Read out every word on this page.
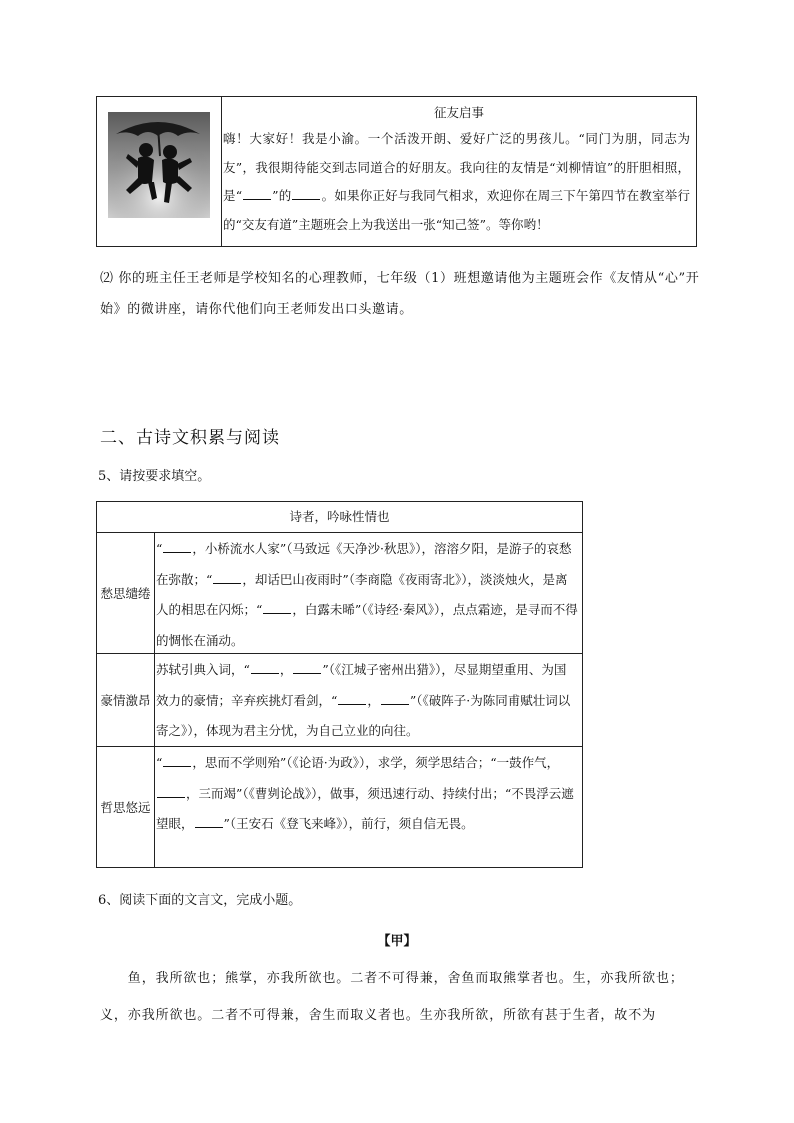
征友启事
嗨！大家好！我是小渝。一个活泼开朗、爱好广泛的男孩儿。“同门为朋，同志为友”，我很期待能交到志同道合的好朋友。我向往的友情是“刘柳情谊”的肝胆相照，是“ ”的 。如果你正好与我同气相求，欢迎你在周三下午第四节在教室举行的“交友有道”主题班会上为我送出一张“知己签”。等你哟！
⑵ 你的班主任王老师是学校知名的心理教师，七年级（1）班想邀请他为主题班会作《友情从“心”开始》的微讲座，请你代他们向王老师发出口头邀请。
二、古诗文积累与阅读
5、请按要求填空。
诗者，吟咏性情也
愁思缱绻
“ ，小桥流水人家”（马致远《天净沙·秋思》），溶溶夕阳，是游子的哀愁在弥散；“ ，却话巴山夜雨时”（李商隐《夜雨寄北》），淡淡烛火，是离人的相思在闪烁；“ ，白露未晞”（《诗经·秦风》），点点霜迹，是寻而不得的惆怅在涌动。
豪情激昂
苏轼引典入词，“ ， ”（《江城子密州出猎》），尽显期望重用、为国效力的豪情；辛弃疾挑灯看剑，“ ， ”（《破阵子·为陈同甫赋壮词以寄之》），体现为君主分忧，为自己立业的向往。
哲思悠远
“ ，思而不学则殆”（《论语·为政》），求学，须学思结合；“一鼓作气，，三而竭”（《曹刿论战》），做事，须迅速行动、持续付出；“不畏浮云遮望眼， ”（王安石《登飞来峰》），前行，须自信无畏。
6、阅读下面的文言文，完成小题。
【甲】
　　鱼，我所欲也；熊掌，亦我所欲也。二者不可得兼，舍鱼而取熊掌者也。生，亦我所欲也；义，亦我所欲也。二者不可得兼，舍生而取义者也。生亦我所欲，所欲有甚于生者，故不为
